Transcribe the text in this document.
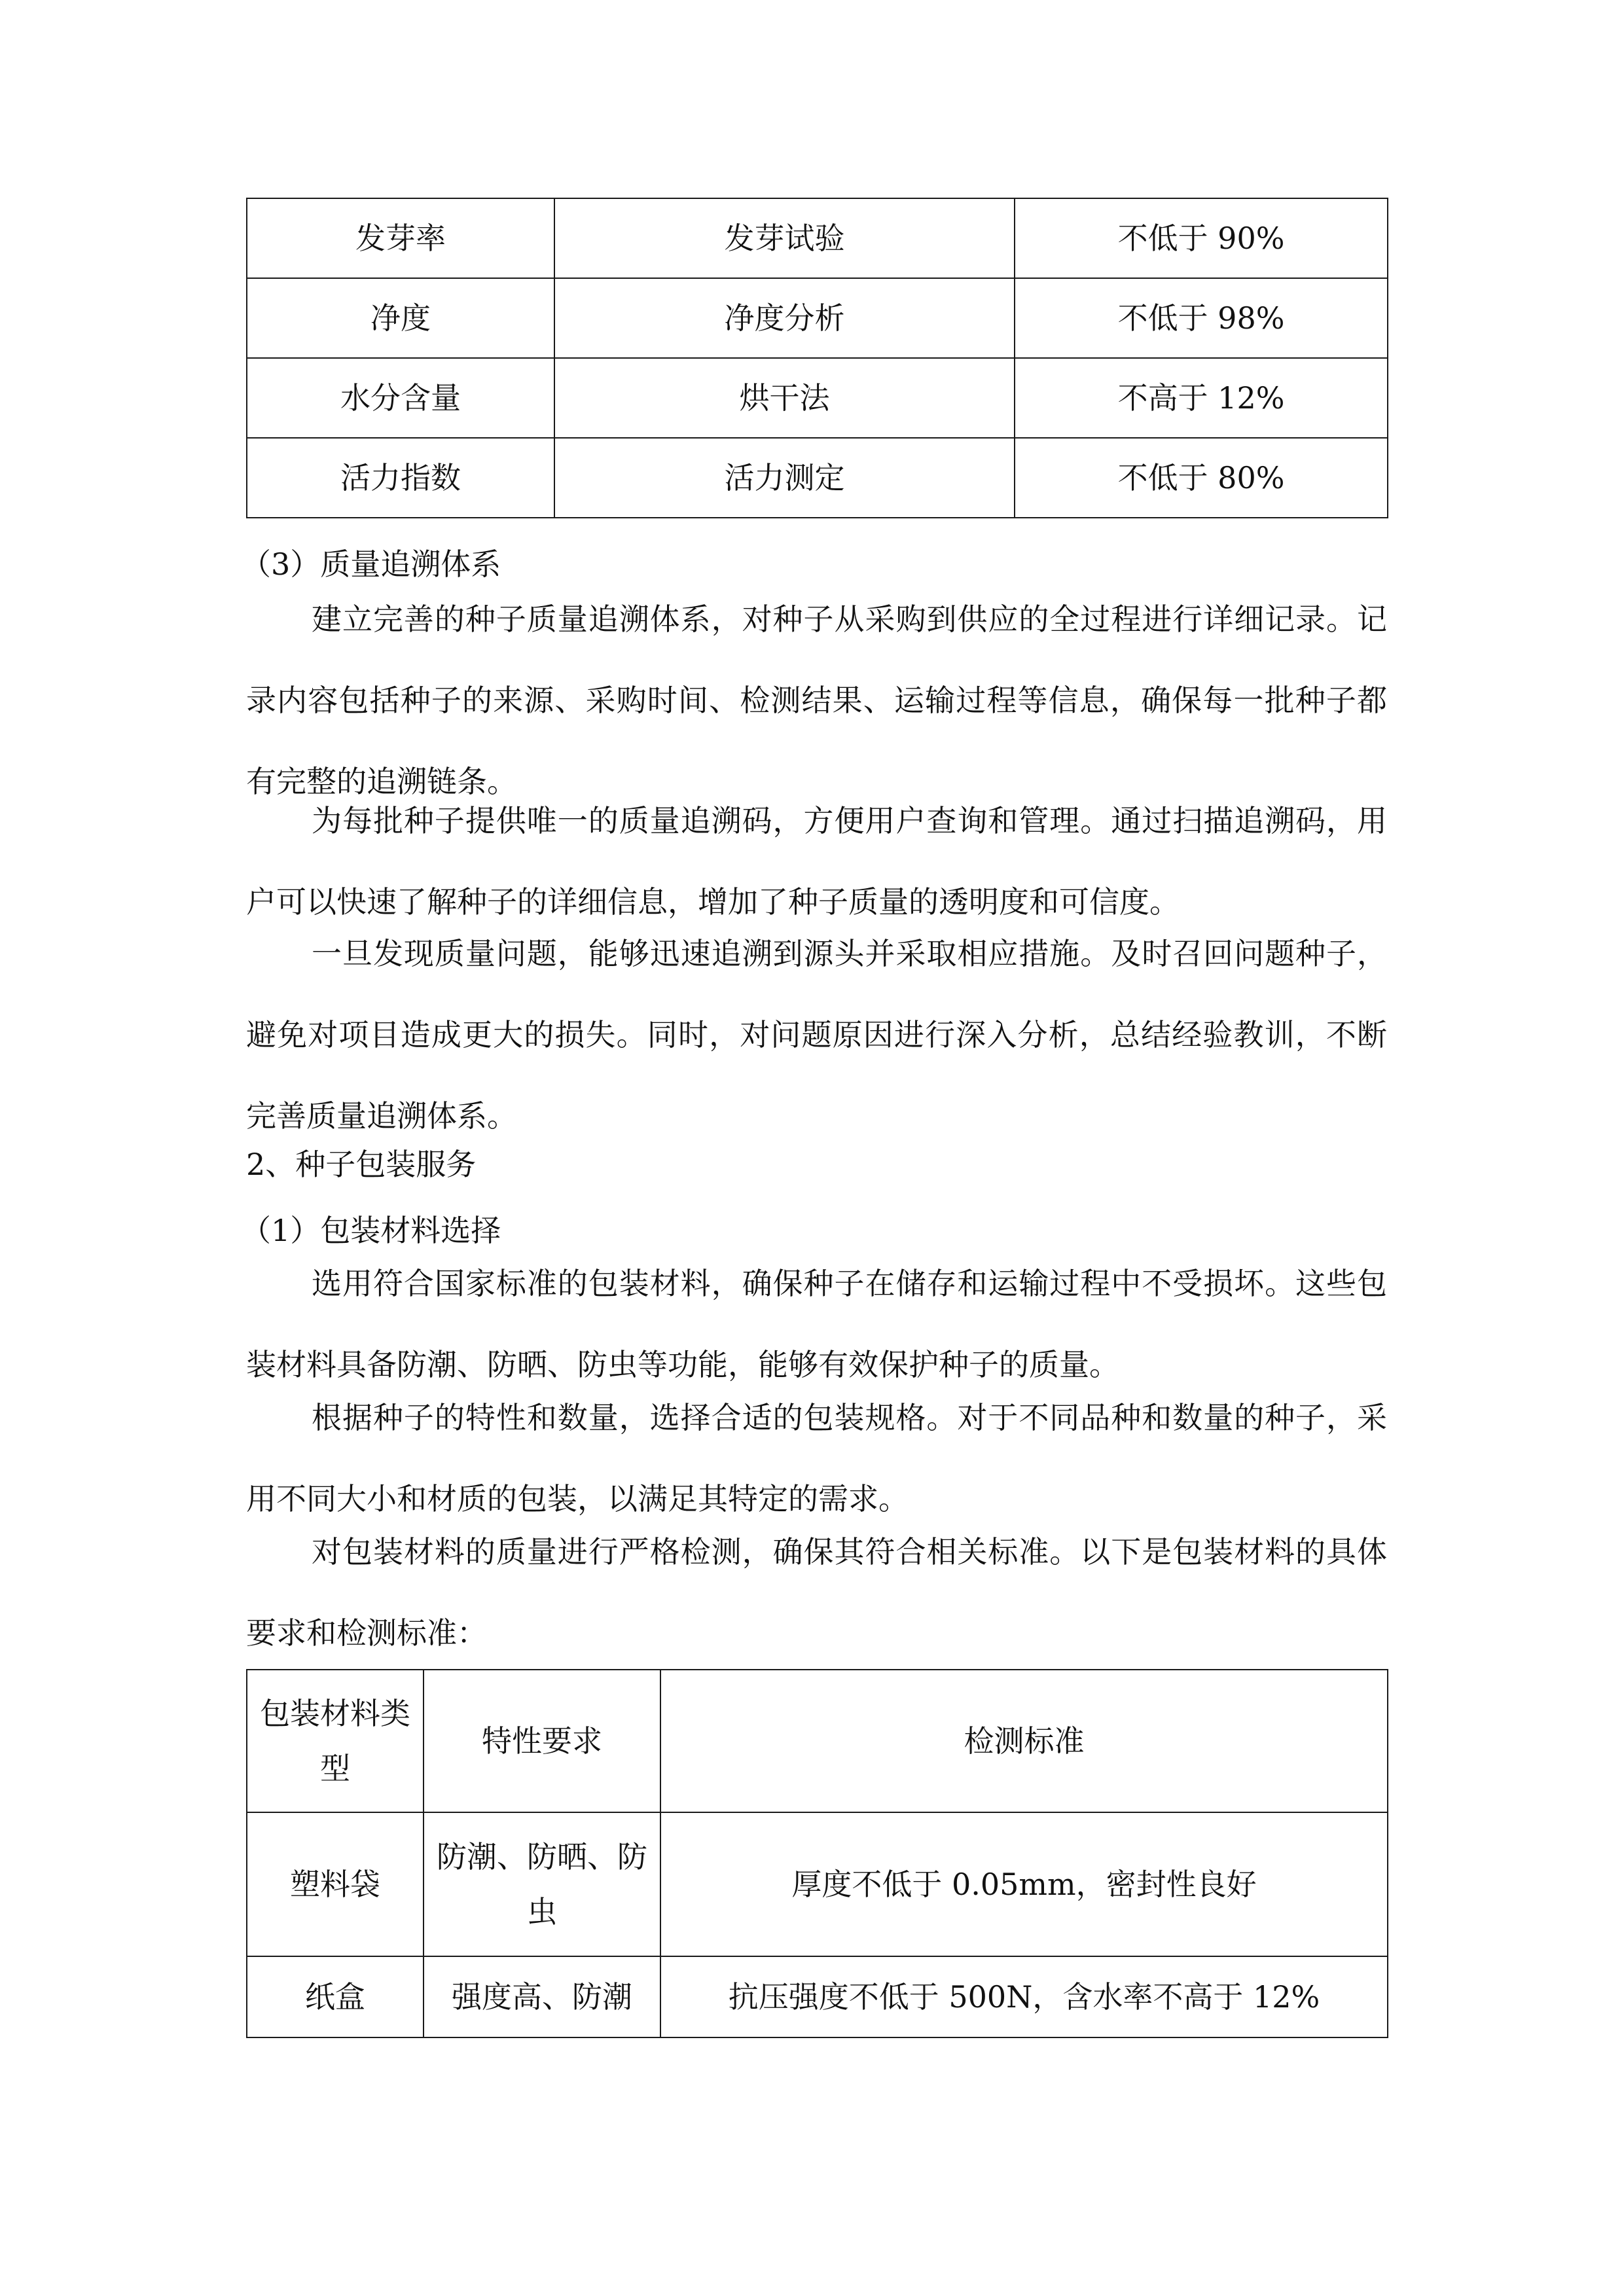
发芽率	发芽试验	不低于 90%
净度	净度分析	不低于 98%
水分含量	烘干法	不高于 12%
活力指数	活力测定	不低于 80%

（3）质量追溯体系

建立完善的种子质量追溯体系，对种子从采购到供应的全过程进行详细记录。记录内容包括种子的来源、采购时间、检测结果、运输过程等信息，确保每一批种子都有完整的追溯链条。

为每批种子提供唯一的质量追溯码，方便用户查询和管理。通过扫描追溯码，用户可以快速了解种子的详细信息，增加了种子质量的透明度和可信度。

一旦发现质量问题，能够迅速追溯到源头并采取相应措施。及时召回问题种子，避免对项目造成更大的损失。同时，对问题原因进行深入分析，总结经验教训，不断完善质量追溯体系。

2、种子包装服务

（1）包装材料选择

选用符合国家标准的包装材料，确保种子在储存和运输过程中不受损坏。这些包装材料具备防潮、防晒、防虫等功能，能够有效保护种子的质量。

根据种子的特性和数量，选择合适的包装规格。对于不同品种和数量的种子，采用不同大小和材质的包装，以满足其特定的需求。

对包装材料的质量进行严格检测，确保其符合相关标准。以下是包装材料的具体要求和检测标准：

包装材料类型	特性要求	检测标准
塑料袋	防潮、防晒、防虫	厚度不低于 0.05mm，密封性良好
纸盒	强度高、防潮	抗压强度不低于 500N，含水率不高于 12%
